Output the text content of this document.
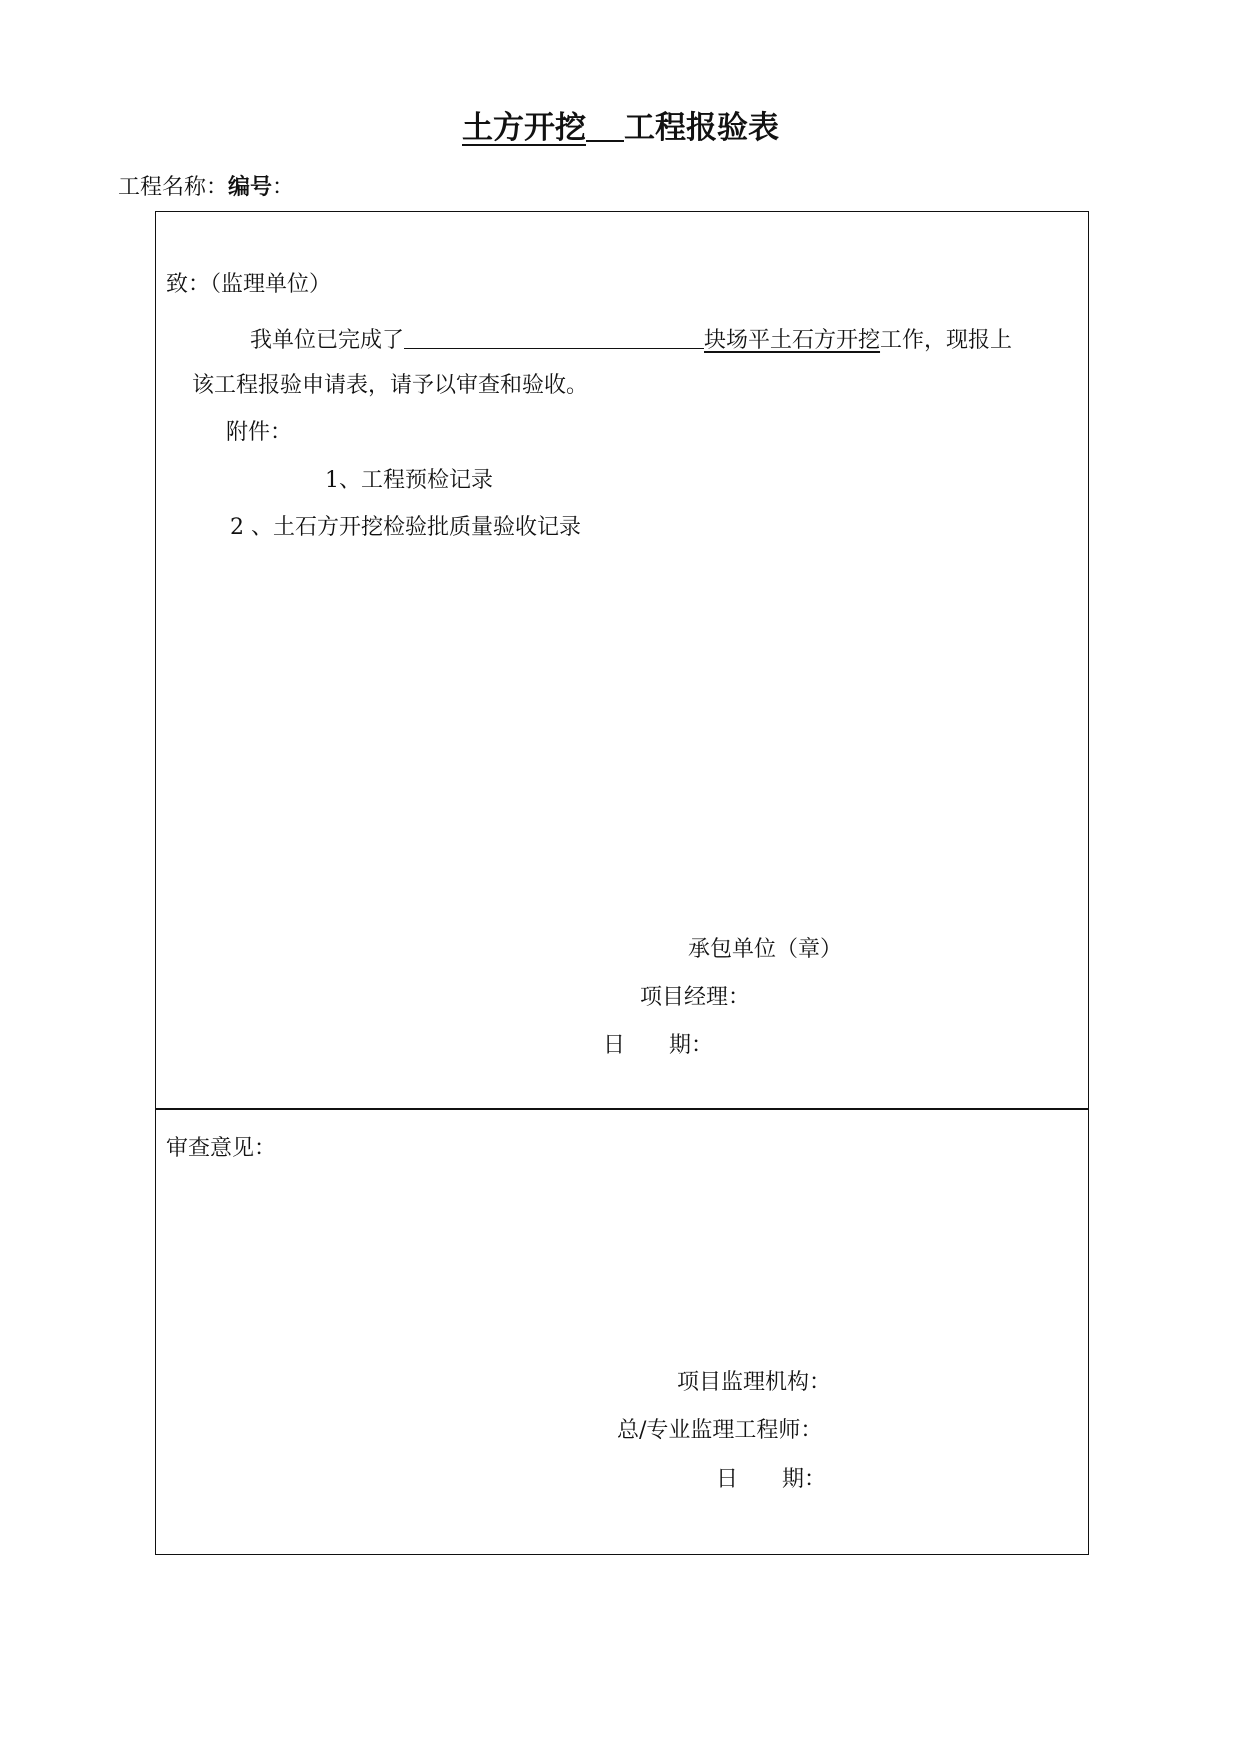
土方开挖 工程报验表
工程名称：编号：
致：（监理单位）
我单位已完成了	块场平土石方开挖工作，现报上
该工程报验申请表，请予以审查和验收。
附件：
1、工程预检记录
2 、土石方开挖检验批质量验收记录
承包单位（章）
项目经理：
日　　期：
审查意见：
项目监理机构：
总/专业监理工程师：
日　　期：
